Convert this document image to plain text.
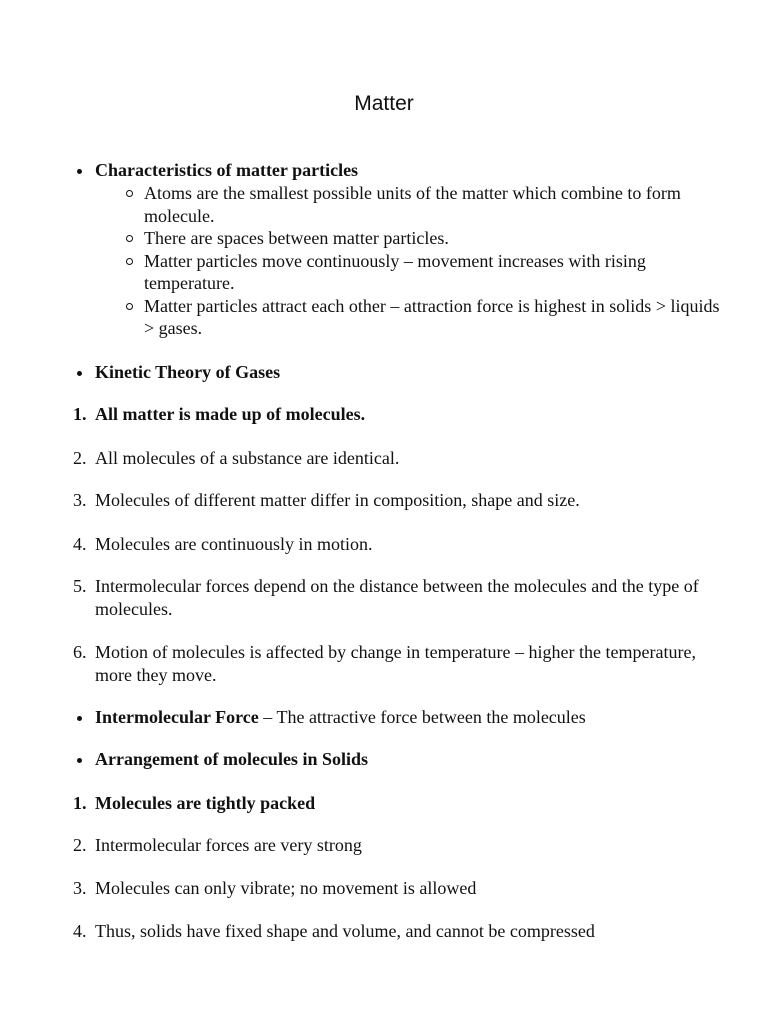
Matter
Characteristics of matter particles
Atoms are the smallest possible units of the matter which combine to form molecule.
There are spaces between matter particles.
Matter particles move continuously – movement increases with rising temperature.
Matter particles attract each other – attraction force is highest in solids > liquids > gases.
Kinetic Theory of Gases
1. All matter is made up of molecules.
2. All molecules of a substance are identical.
3. Molecules of different matter differ in composition, shape and size.
4. Molecules are continuously in motion.
5. Intermolecular forces depend on the distance between the molecules and the type of molecules.
6. Motion of molecules is affected by change in temperature – higher the temperature, more they move.
Intermolecular Force – The attractive force between the molecules
Arrangement of molecules in Solids
1. Molecules are tightly packed
2. Intermolecular forces are very strong
3. Molecules can only vibrate; no movement is allowed
4. Thus, solids have fixed shape and volume, and cannot be compressed
